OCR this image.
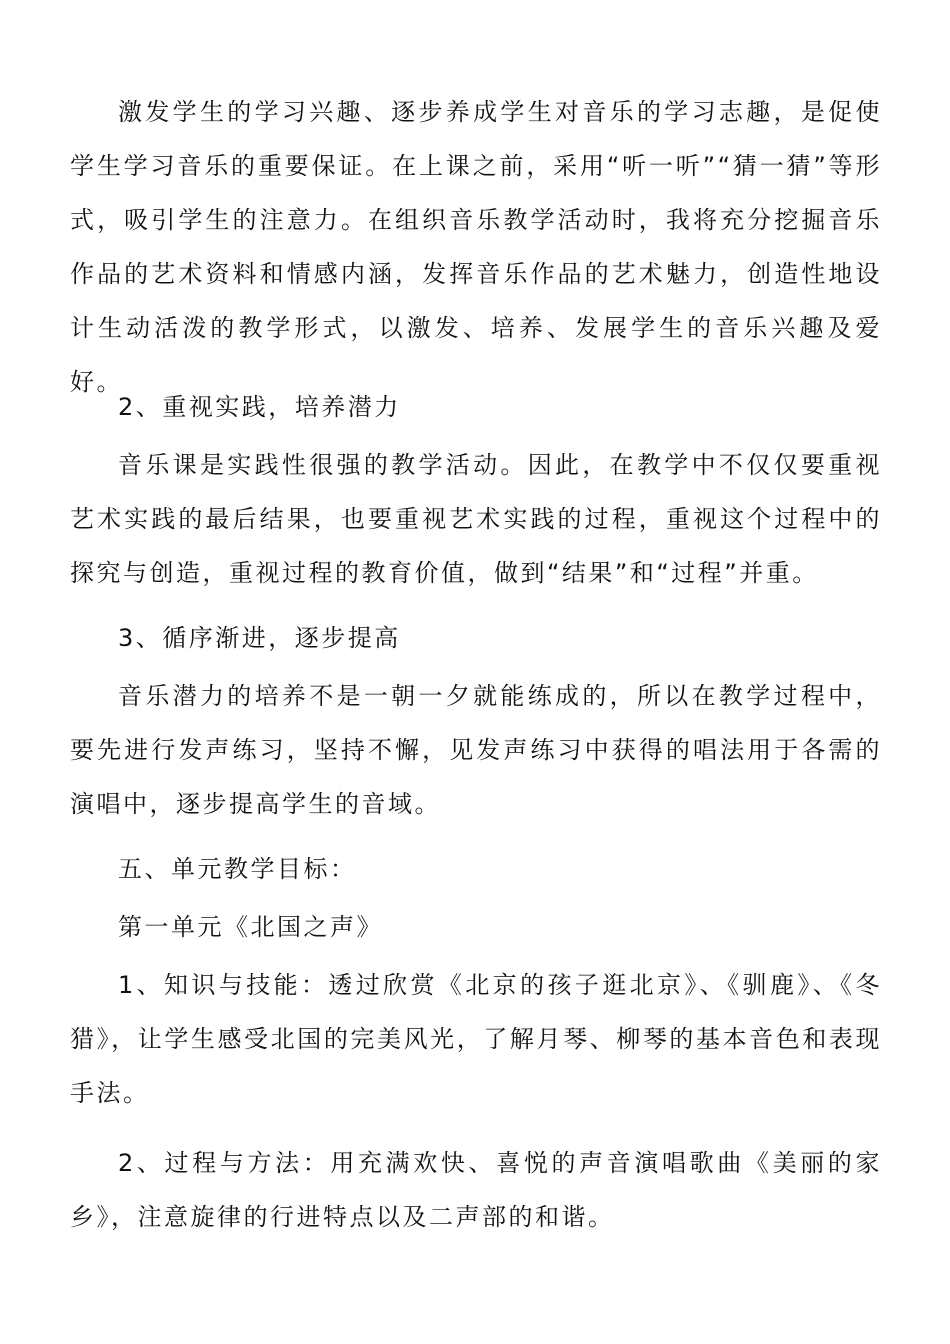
激发学生的学习兴趣、逐步养成学生对音乐的学习志趣，是促使学生学习音乐的重要保证。在上课之前，采用“听一听”“猜一猜”等形式，吸引学生的注意力。在组织音乐教学活动时，我将充分挖掘音乐作品的艺术资料和情感内涵，发挥音乐作品的艺术魅力，创造性地设计生动活泼的教学形式，以激发、培养、发展学生的音乐兴趣及爱好。

2、重视实践，培养潜力

音乐课是实践性很强的教学活动。因此，在教学中不仅仅要重视艺术实践的最后结果，也要重视艺术实践的过程，重视这个过程中的探究与创造，重视过程的教育价值，做到“结果”和“过程”并重。

3、循序渐进，逐步提高

音乐潜力的培养不是一朝一夕就能练成的，所以在教学过程中，要先进行发声练习，坚持不懈，见发声练习中获得的唱法用于各需的演唱中，逐步提高学生的音域。

五、单元教学目标：

第一单元《北国之声》

1、知识与技能：透过欣赏《北京的孩子逛北京》、《驯鹿》、《冬猎》，让学生感受北国的完美风光，了解月琴、柳琴的基本音色和表现手法。

2、过程与方法：用充满欢快、喜悦的声音演唱歌曲《美丽的家乡》，注意旋律的行进特点以及二声部的和谐。
